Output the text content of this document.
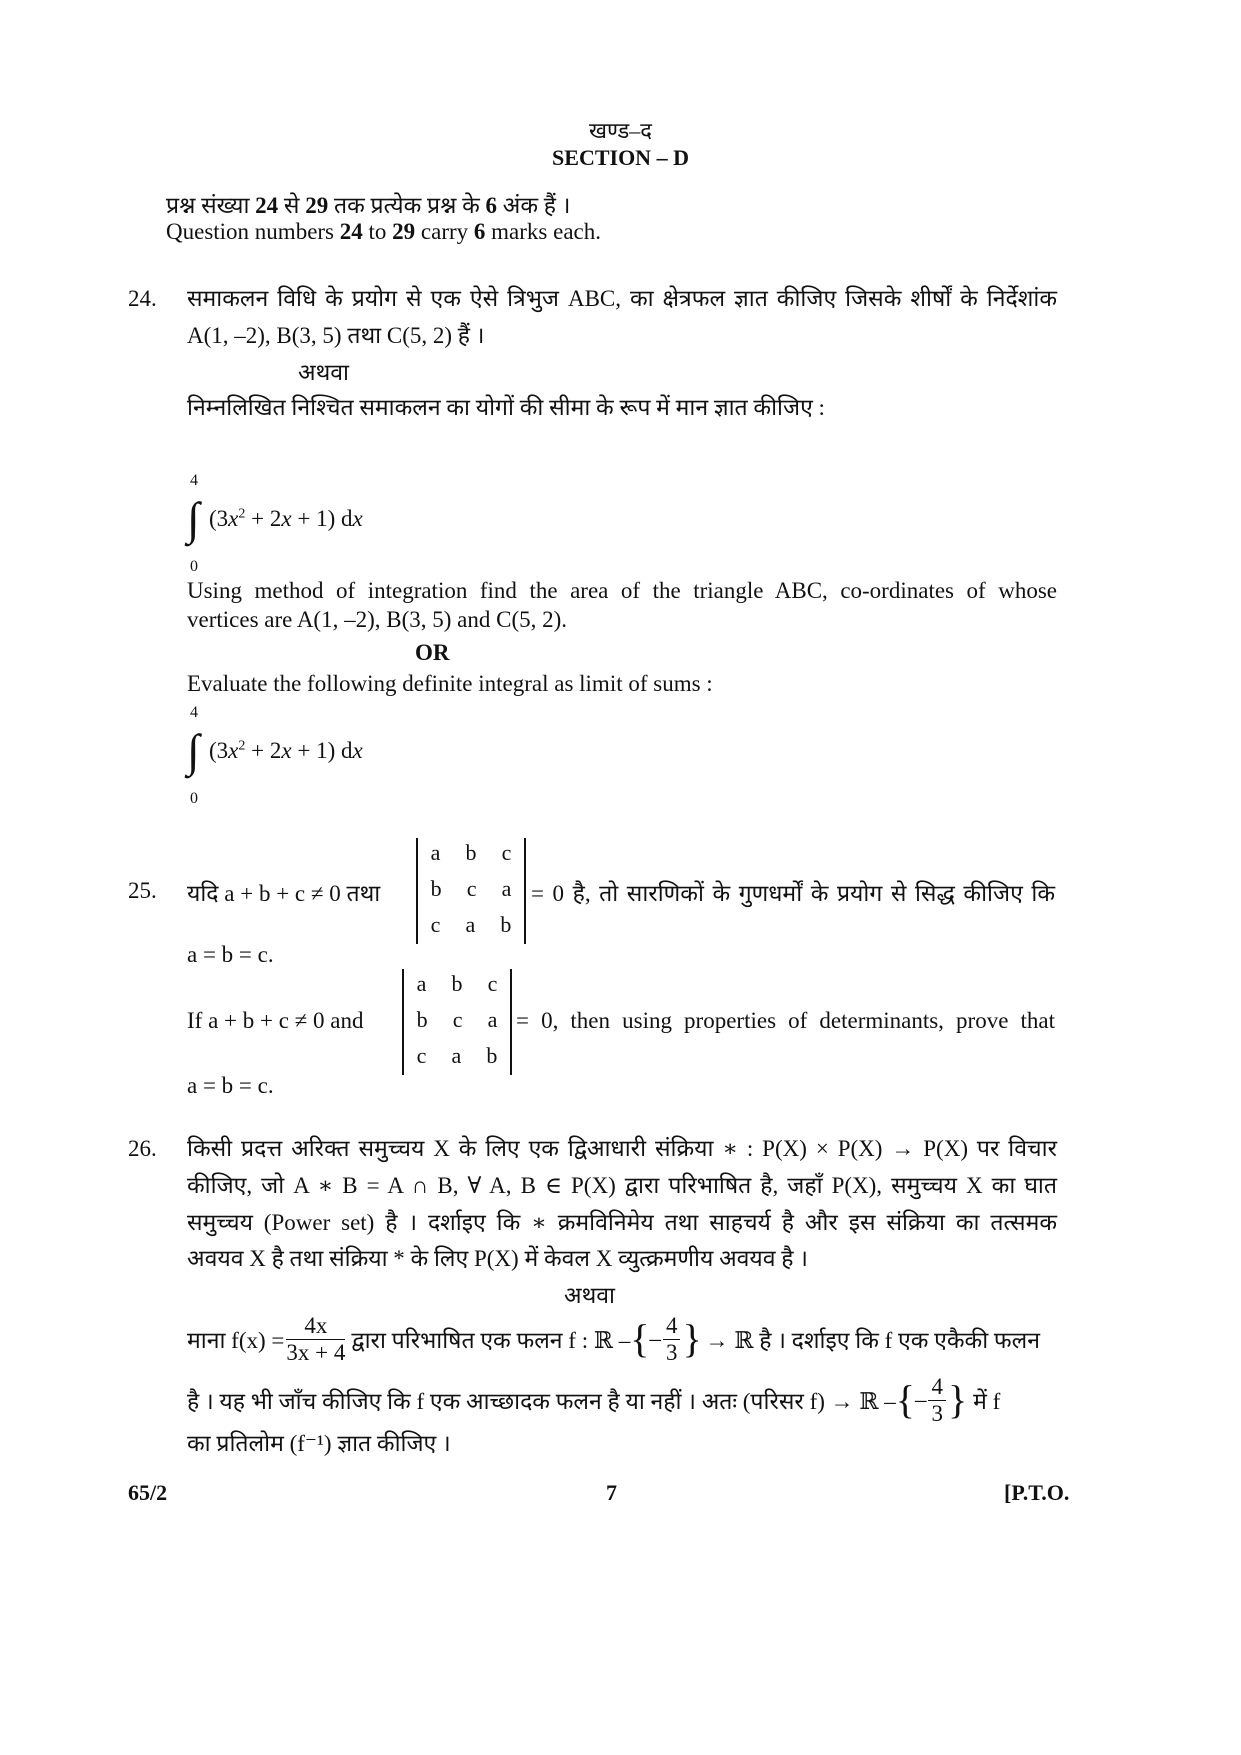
खण्ड–द
SECTION – D
प्रश्न संख्या 24 से 29 तक प्रत्येक प्रश्न के 6 अंक हैं ।
Question numbers 24 to 29 carry 6 marks each.
24. समाकलन विधि के प्रयोग से एक ऐसे त्रिभुज ABC, का क्षेत्रफल ज्ञात कीजिए जिसके शीर्षों के निर्देशांक
A(1, –2), B(3, 5) तथा C(5, 2) हैं ।
अथवा
निम्नलिखित निश्चित समाकलन का योगों की सीमा के रूप में मान ज्ञात कीजिए :
4
∫ $(3x^2 + 2x + 1)$ dx
0
Using method of integration find the area of the triangle ABC, co-ordinates of whose
vertices are A(1, –2), B(3, 5) and C(5, 2).
OR
Evaluate the following definite integral as limit of sums :
4
∫ $(3x^2 + 2x + 1)$ dx
0
25. यदि a + b + c ≠ 0 तथा
a b c
b c a
c a b
= 0 है, तो सारणिकों के गुणधर्मों के प्रयोग से सिद्ध कीजिए कि
a = b = c.
If a + b + c ≠ 0 and
a b c
b c a
c a b
= 0, then using properties of determinants, prove that
a = b = c.
26. किसी प्रदत्त अरिक्त समुच्चय X के लिए एक द्विआधारी संक्रिया ∗ : P(X) × P(X) → P(X) पर विचार
कीजिए, जो A ∗ B = A ∩ B, ∀ A, B ∈ P(X) द्वारा परिभाषित है, जहाँ P(X), समुच्चय X का घात
समुच्चय (Power set) है । दर्शाइए कि ∗ क्रमविनिमेय तथा साहचर्य है और इस संक्रिया का तत्समक
अवयव X है तथा संक्रिया * के लिए P(X) में केवल X व्युत्क्रमणीय अवयव है ।
अथवा
माना $f(x) = \frac{4x}{3x + 4}$ द्वारा परिभाषित एक फलन f : ℝ – { – $\frac{4}{3}$ } → ℝ है । दर्शाइए कि f एक एकैकी फलन
है । यह भी जाँच कीजिए कि f एक आच्छादक फलन है या नहीं । अतः (परिसर f) → ℝ – { – $\frac{4}{3}$ } में f
का प्रतिलोम (f⁻¹) ज्ञात कीजिए ।
65/2	7	[P.T.O.
